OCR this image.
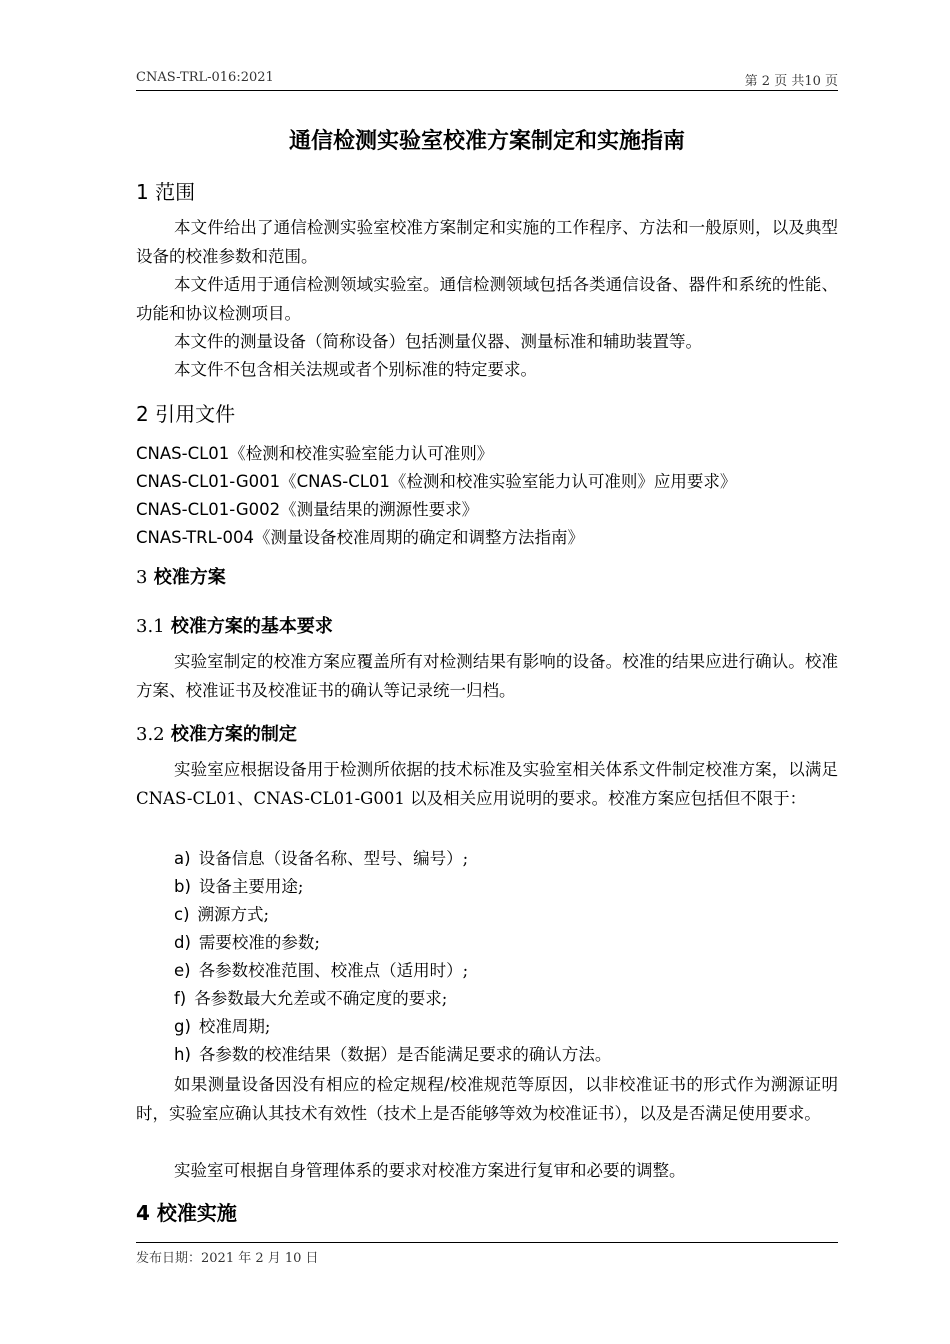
CNAS-TRL-016:2021	第 2 页 共10 页
通信检测实验室校准方案制定和实施指南
1 范围

本文件给出了通信检测实验室校准方案制定和实施的工作程序、方法和一般原则，以及典型设备的校准参数和范围。

本文件适用于通信检测领域实验室。通信检测领域包括各类通信设备、器件和系统的性能、功能和协议检测项目。

本文件的测量设备（简称设备）包括测量仪器、测量标准和辅助装置等。

本文件不包含相关法规或者个别标准的特定要求。

2 引用文件
CNAS-CL01《检测和校准实验室能力认可准则》
CNAS-CL01-G001《CNAS-CL01《检测和校准实验室能力认可准则》应用要求》
CNAS-CL01-G002《测量结果的溯源性要求》
CNAS-TRL-004《测量设备校准周期的确定和调整方法指南》
3 校准方案
3.1 校准方案的基本要求

实验室制定的校准方案应覆盖所有对检测结果有影响的设备。校准的结果应进行确认。校准方案、校准证书及校准证书的确认等记录统一归档。

3.2 校准方案的制定

实验室应根据设备用于检测所依据的技术标准及实验室相关体系文件制定校准方案，以满足 CNAS-CL01、CNAS-CL01-G001 以及相关应用说明的要求。校准方案应包括但不限于：

a) 设备信息（设备名称、型号、编号）;
b) 设备主要用途;
c) 溯源方式;
d) 需要校准的参数;
e) 各参数校准范围、校准点（适用时）;
f) 各参数最大允差或不确定度的要求;
g) 校准周期;
h) 各参数的校准结果（数据）是否能满足要求的确认方法。

如果测量设备因没有相应的检定规程/校准规范等原因，以非校准证书的形式作为溯源证明时，实验室应确认其技术有效性（技术上是否能够等效为校准证书），以及是否满足使用要求。

实验室可根据自身管理体系的要求对校准方案进行复审和必要的调整。

4 校准实施
发布日期：2021 年 2 月 10 日
